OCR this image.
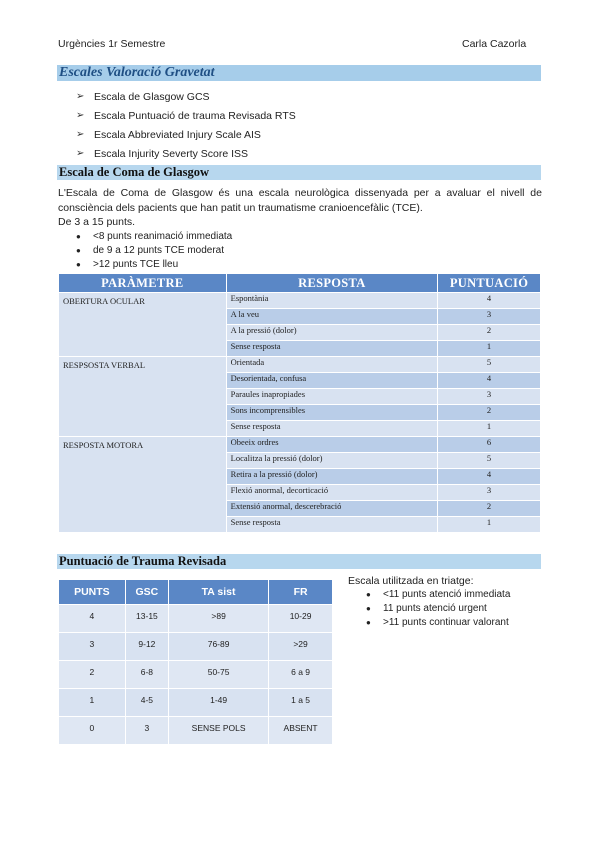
Urgències 1r Semestre	Carla Cazorla
Escales Valoració Gravetat
➢ Escala de Glasgow GCS
➢ Escala Puntuació de trauma Revisada RTS
➢ Escala Abbreviated Injury Scale AIS
➢ Escala Injurity Severty Score ISS
Escala de Coma de Glasgow

L'Escala de Coma de Glasgow és una escala neurològica dissenyada per a avaluar el nivell de consciència dels pacients que han patit un traumatisme cranioencefàlic (TCE).

De 3 a 15 punts.
●	<8 punts reanimació immediata
●	de 9 a 12 punts TCE moderat
●	>12 punts TCE lleu
PARÀMETRE	RESPOSTA	PUNTUACIÓ
OBERTURA OCULAR	Espontània	4
	A la veu	3
	A la pressió (dolor)	2
	Sense resposta	1
RESPSOSTA VERBAL	Orientada	5
	Desorientada, confusa	4
	Paraules inapropiades	3
	Sons incomprensibles	2
	Sense resposta	1
RESPOSTA MOTORA	Obeeix ordres	6
	Localitza la pressió (dolor)	5
	Retira a la pressió (dolor)	4
	Flexió anormal, decorticació	3
	Extensió anormal, descerebració	2
	Sense resposta	1
Puntuació de Trauma Revisada
PUNTS	GSC	TA sist	FR
4	13-15	>89	10-29
3	9-12	76-89	>29
2	6-8	50-75	6 a 9
1	4-5	1-49	1 a 5
0	3	SENSE POLS	ABSENT
Escala utilitzada en triatge:
●	<11 punts atenció immediata
●	11 punts atenció urgent
●	>11 punts continuar valorant
